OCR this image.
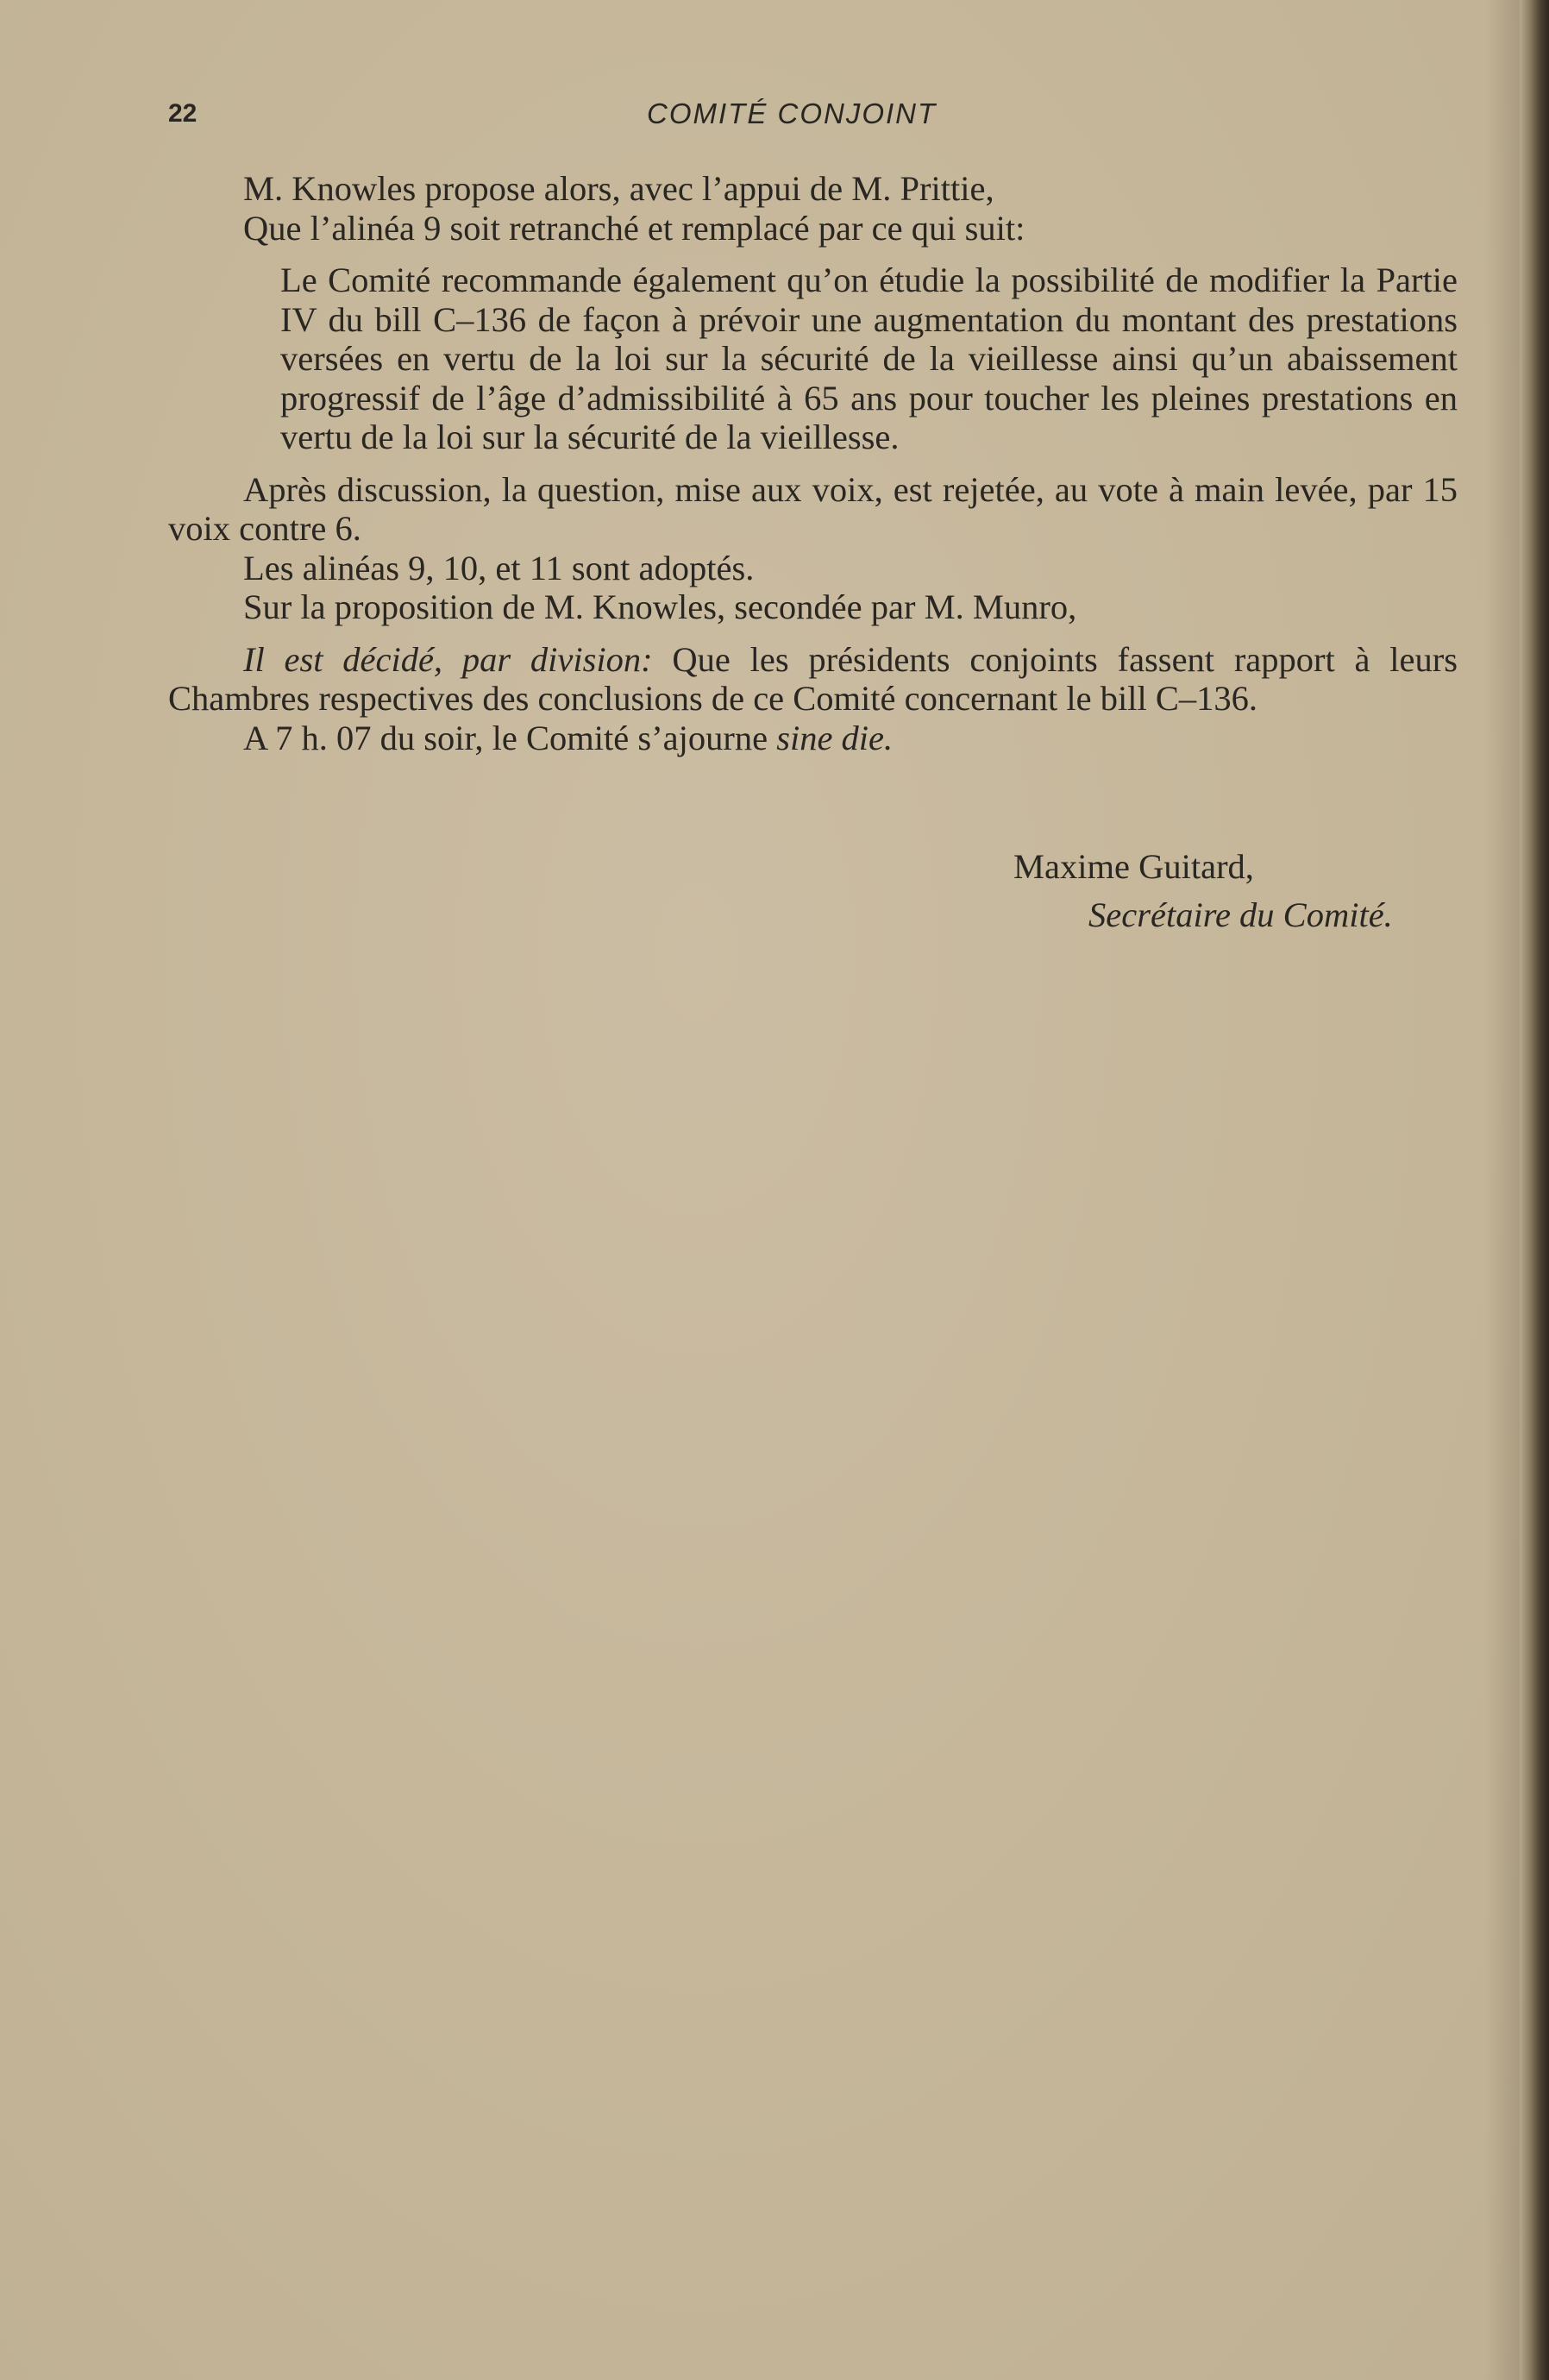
22	COMITÉ CONJOINT

M. Knowles propose alors, avec l’appui de M. Prittie,

Que l’alinéa 9 soit retranché et remplacé par ce qui suit:

Le Comité recommande également qu’on étudie la possibilité de modifier la Partie IV du bill C–136 de façon à prévoir une augmentation du montant des prestations versées en vertu de la loi sur la sécurité de la vieillesse ainsi qu’un abaissement progressif de l’âge d’admissibilité à 65 ans pour toucher les pleines prestations en vertu de la loi sur la sécurité de la vieillesse.

Après discussion, la question, mise aux voix, est rejetée, au vote à main levée, par 15 voix contre 6.

Les alinéas 9, 10, et 11 sont adoptés.

Sur la proposition de M. Knowles, secondée par M. Munro,

Il est décidé, par division: Que les présidents conjoints fassent rapport à leurs Chambres respectives des conclusions de ce Comité concernant le bill C–136.

A 7 h. 07 du soir, le Comité s’ajourne sine die.

Maxime Guitard,
Secrétaire du Comité.
